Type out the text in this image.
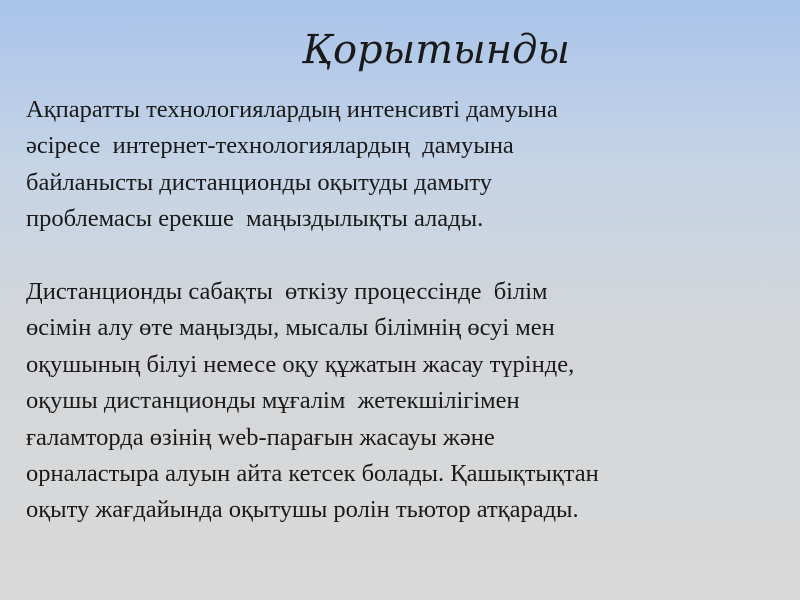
Қорытынды
Ақпаратты технологиялардың интенсивті дамуына
әсіресе  интернет-технологиялардың  дамуына
байланысты дистанционды оқытуды дамыту
проблемасы ерекше  маңыздылықты алады.
Дистанционды сабақты  өткізу процессінде  білім
өсімін алу өте маңызды, мысалы білімнің өсуі мен
оқушының білуі немесе оқу құжатын жасау түрінде,
оқушы дистанционды мұғалім  жетекшілігімен
ғаламторда өзінің web-парағын жасауы және
орналастыра алуын айта кетсек болады. Қашықтықтан
оқыту жағдайында оқытушы ролін тьютор атқарады.
